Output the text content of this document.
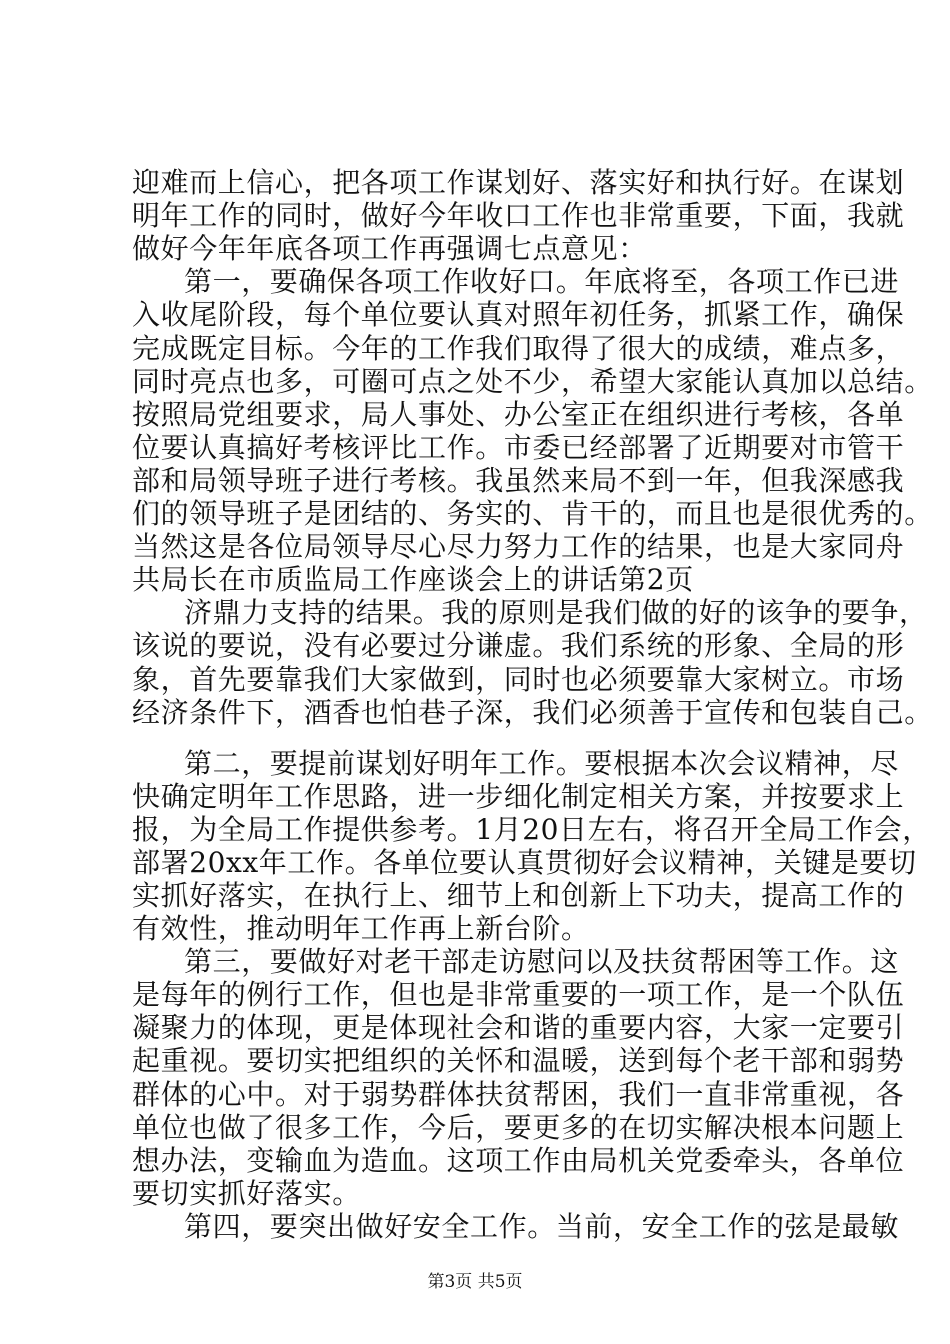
迎难而上信心，把各项工作谋划好、落实好和执行好。在谋划
明年工作的同时，做好今年收口工作也非常重要，下面，我就
做好今年年底各项工作再强调七点意见：
第一，要确保各项工作收好口。年底将至，各项工作已进
入收尾阶段，每个单位要认真对照年初任务，抓紧工作，确保
完成既定目标。今年的工作我们取得了很大的成绩，难点多，
同时亮点也多，可圈可点之处不少，希望大家能认真加以总结。
按照局党组要求，局人事处、办公室正在组织进行考核，各单
位要认真搞好考核评比工作。市委已经部署了近期要对市管干
部和局领导班子进行考核。我虽然来局不到一年，但我深感我
们的领导班子是团结的、务实的、肯干的，而且也是很优秀的。
当然这是各位局领导尽心尽力努力工作的结果，也是大家同舟
共局长在市质监局工作座谈会上的讲话第2页
济鼎力支持的结果。我的原则是我们做的好的该争的要争，
该说的要说，没有必要过分谦虚。我们系统的形象、全局的形
象，首先要靠我们大家做到，同时也必须要靠大家树立。市场
经济条件下，酒香也怕巷子深，我们必须善于宣传和包装自己。
第二，要提前谋划好明年工作。要根据本次会议精神，尽
快确定明年工作思路，进一步细化制定相关方案，并按要求上
报，为全局工作提供参考。1月20日左右，将召开全局工作会，
部署20xx年工作。各单位要认真贯彻好会议精神，关键是要切
实抓好落实，在执行上、细节上和创新上下功夫，提高工作的
有效性，推动明年工作再上新台阶。
第三，要做好对老干部走访慰问以及扶贫帮困等工作。这
是每年的例行工作，但也是非常重要的一项工作，是一个队伍
凝聚力的体现，更是体现社会和谐的重要内容，大家一定要引
起重视。要切实把组织的关怀和温暖，送到每个老干部和弱势
群体的心中。对于弱势群体扶贫帮困，我们一直非常重视，各
单位也做了很多工作，今后，要更多的在切实解决根本问题上
想办法，变输血为造血。这项工作由局机关党委牵头，各单位
要切实抓好落实。
第四，要突出做好安全工作。当前，安全工作的弦是最敏
第3页 共5页
